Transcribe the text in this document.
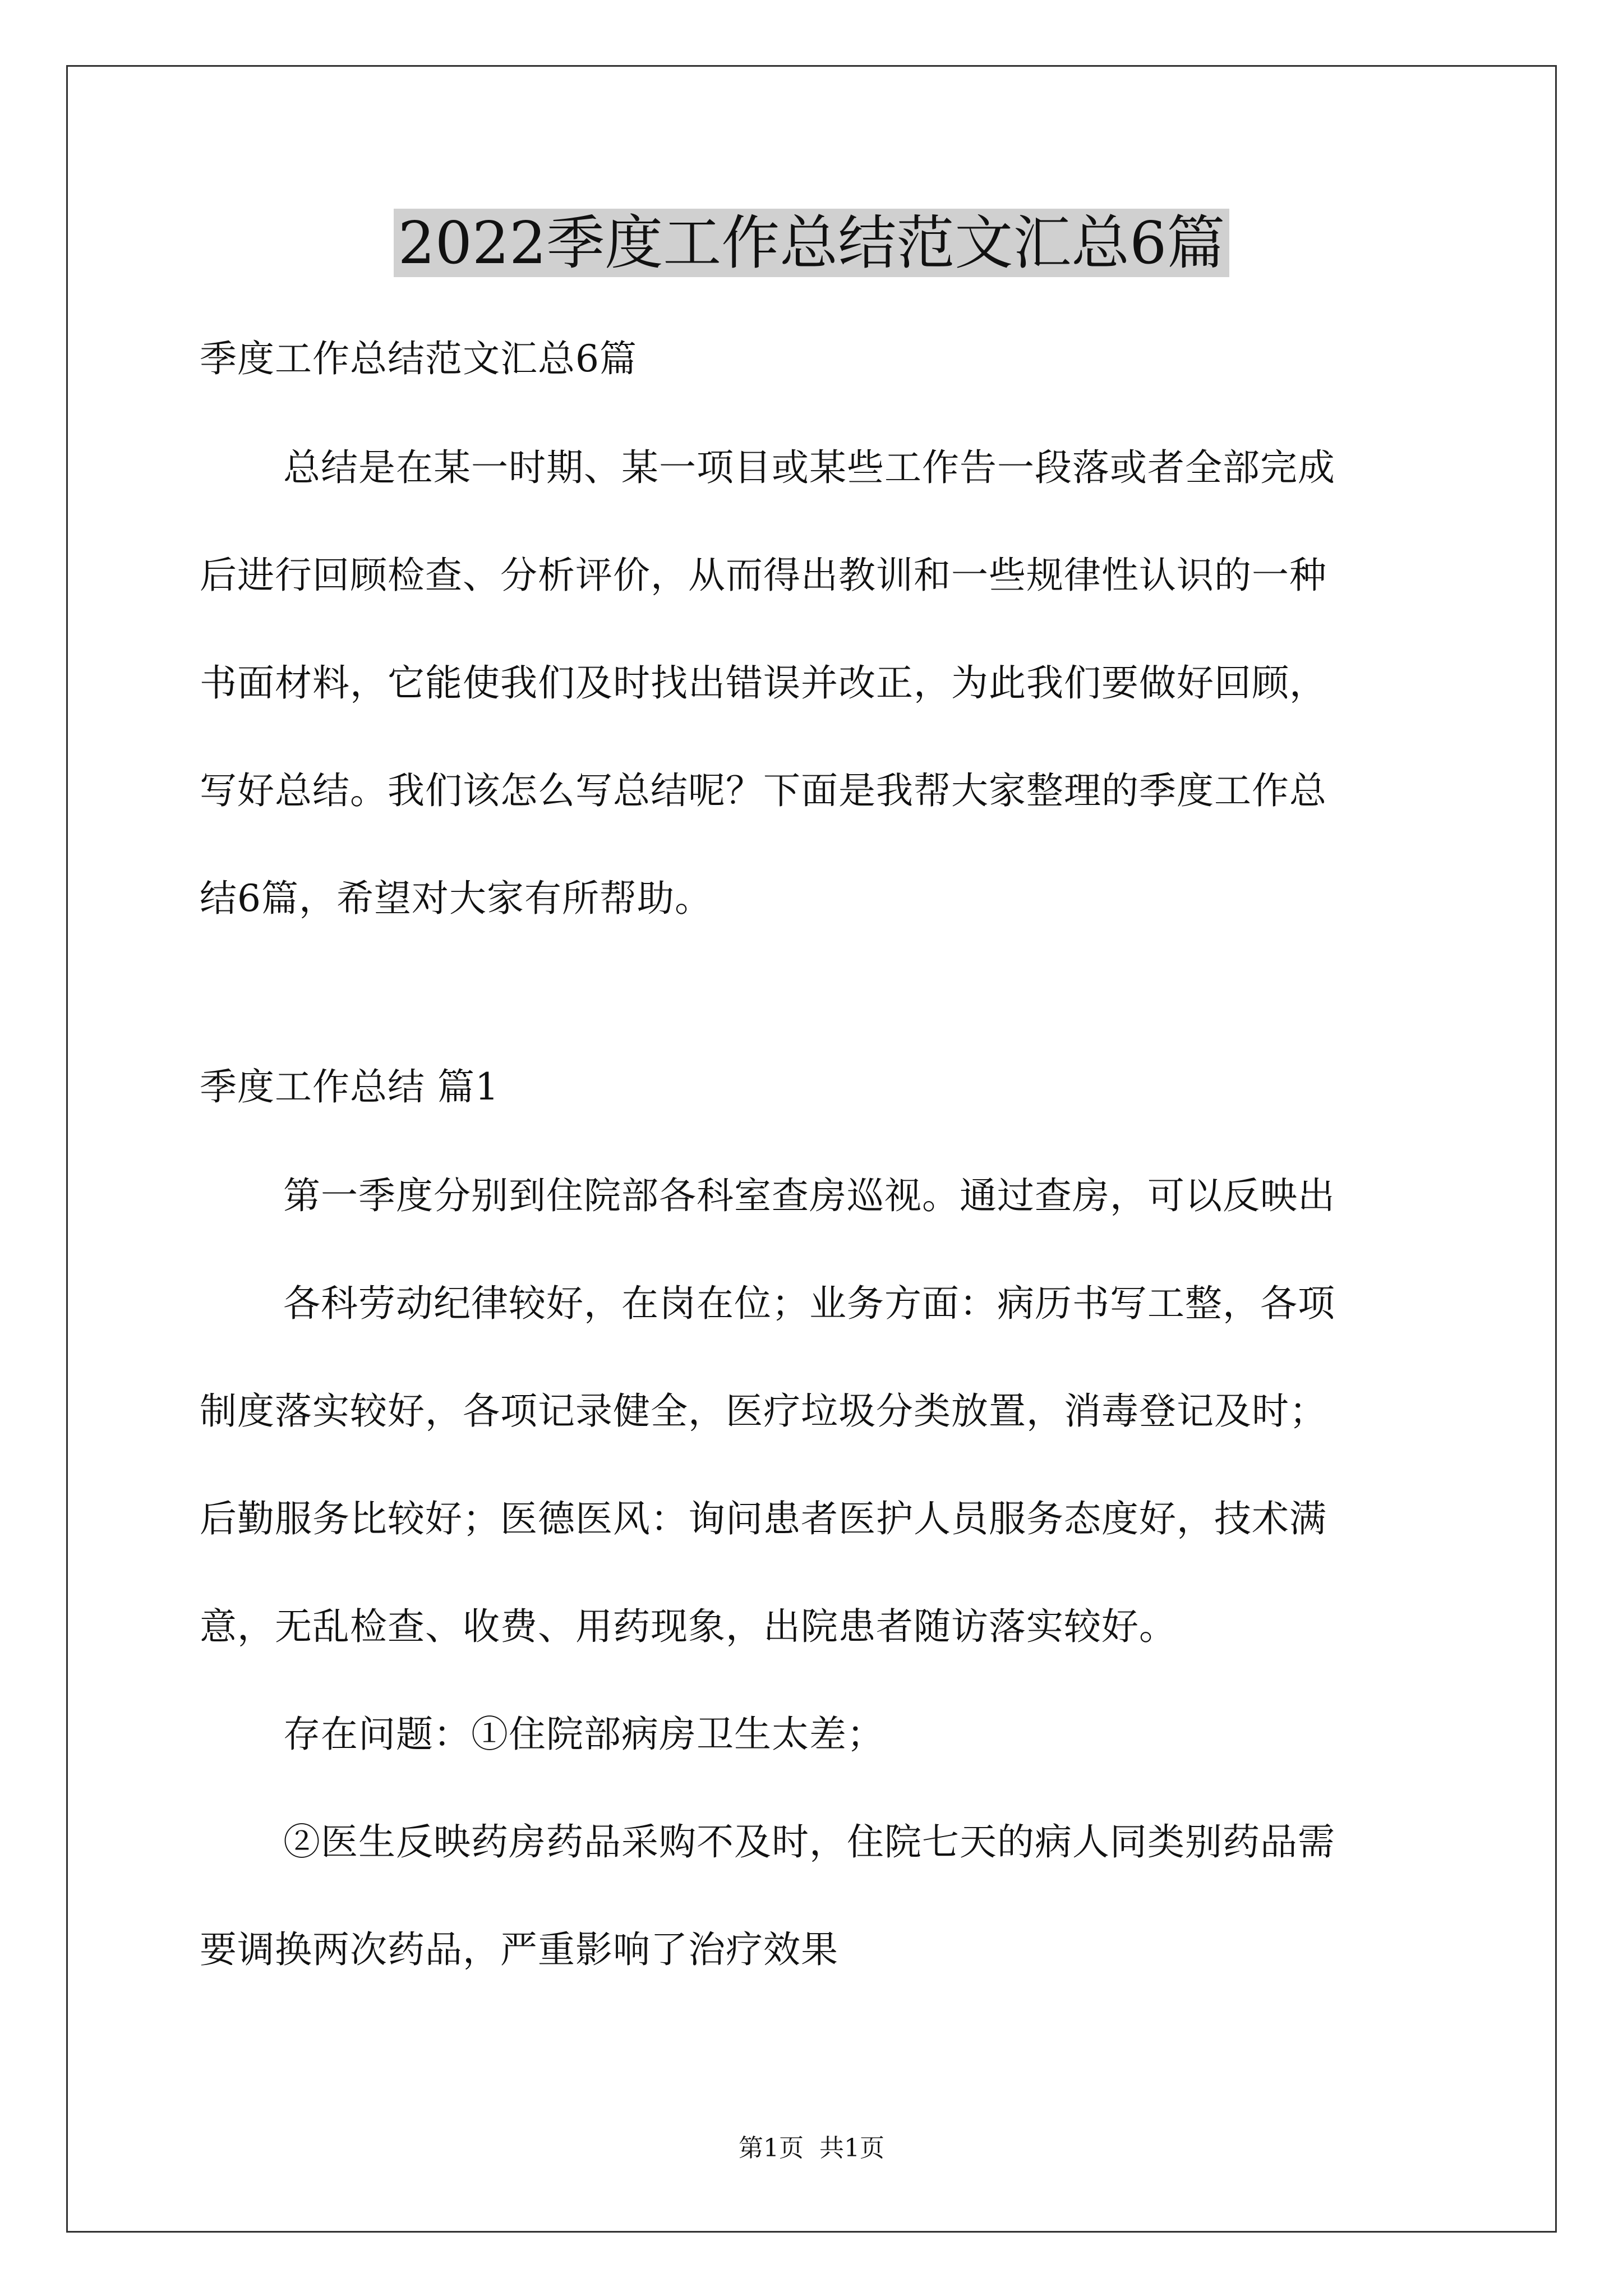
2022季度工作总结范文汇总6篇
季度工作总结范文汇总6篇
总结是在某一时期、某一项目或某些工作告一段落或者全部完成
后进行回顾检查、分析评价，从而得出教训和一些规律性认识的一种
书面材料，它能使我们及时找出错误并改正，为此我们要做好回顾，
写好总结。我们该怎么写总结呢？下面是我帮大家整理的季度工作总
结6篇，希望对大家有所帮助。
季度工作总结 篇1
第一季度分别到住院部各科室查房巡视。通过查房，可以反映出
各科劳动纪律较好，在岗在位；业务方面：病历书写工整，各项
制度落实较好，各项记录健全，医疗垃圾分类放置，消毒登记及时；
后勤服务比较好；医德医风：询问患者医护人员服务态度好，技术满
意，无乱检查、收费、用药现象，出院患者随访落实较好。
存在问题：①住院部病房卫生太差；
②医生反映药房药品采购不及时，住院七天的病人同类别药品需
要调换两次药品，严重影响了治疗效果
第1页 共1页
